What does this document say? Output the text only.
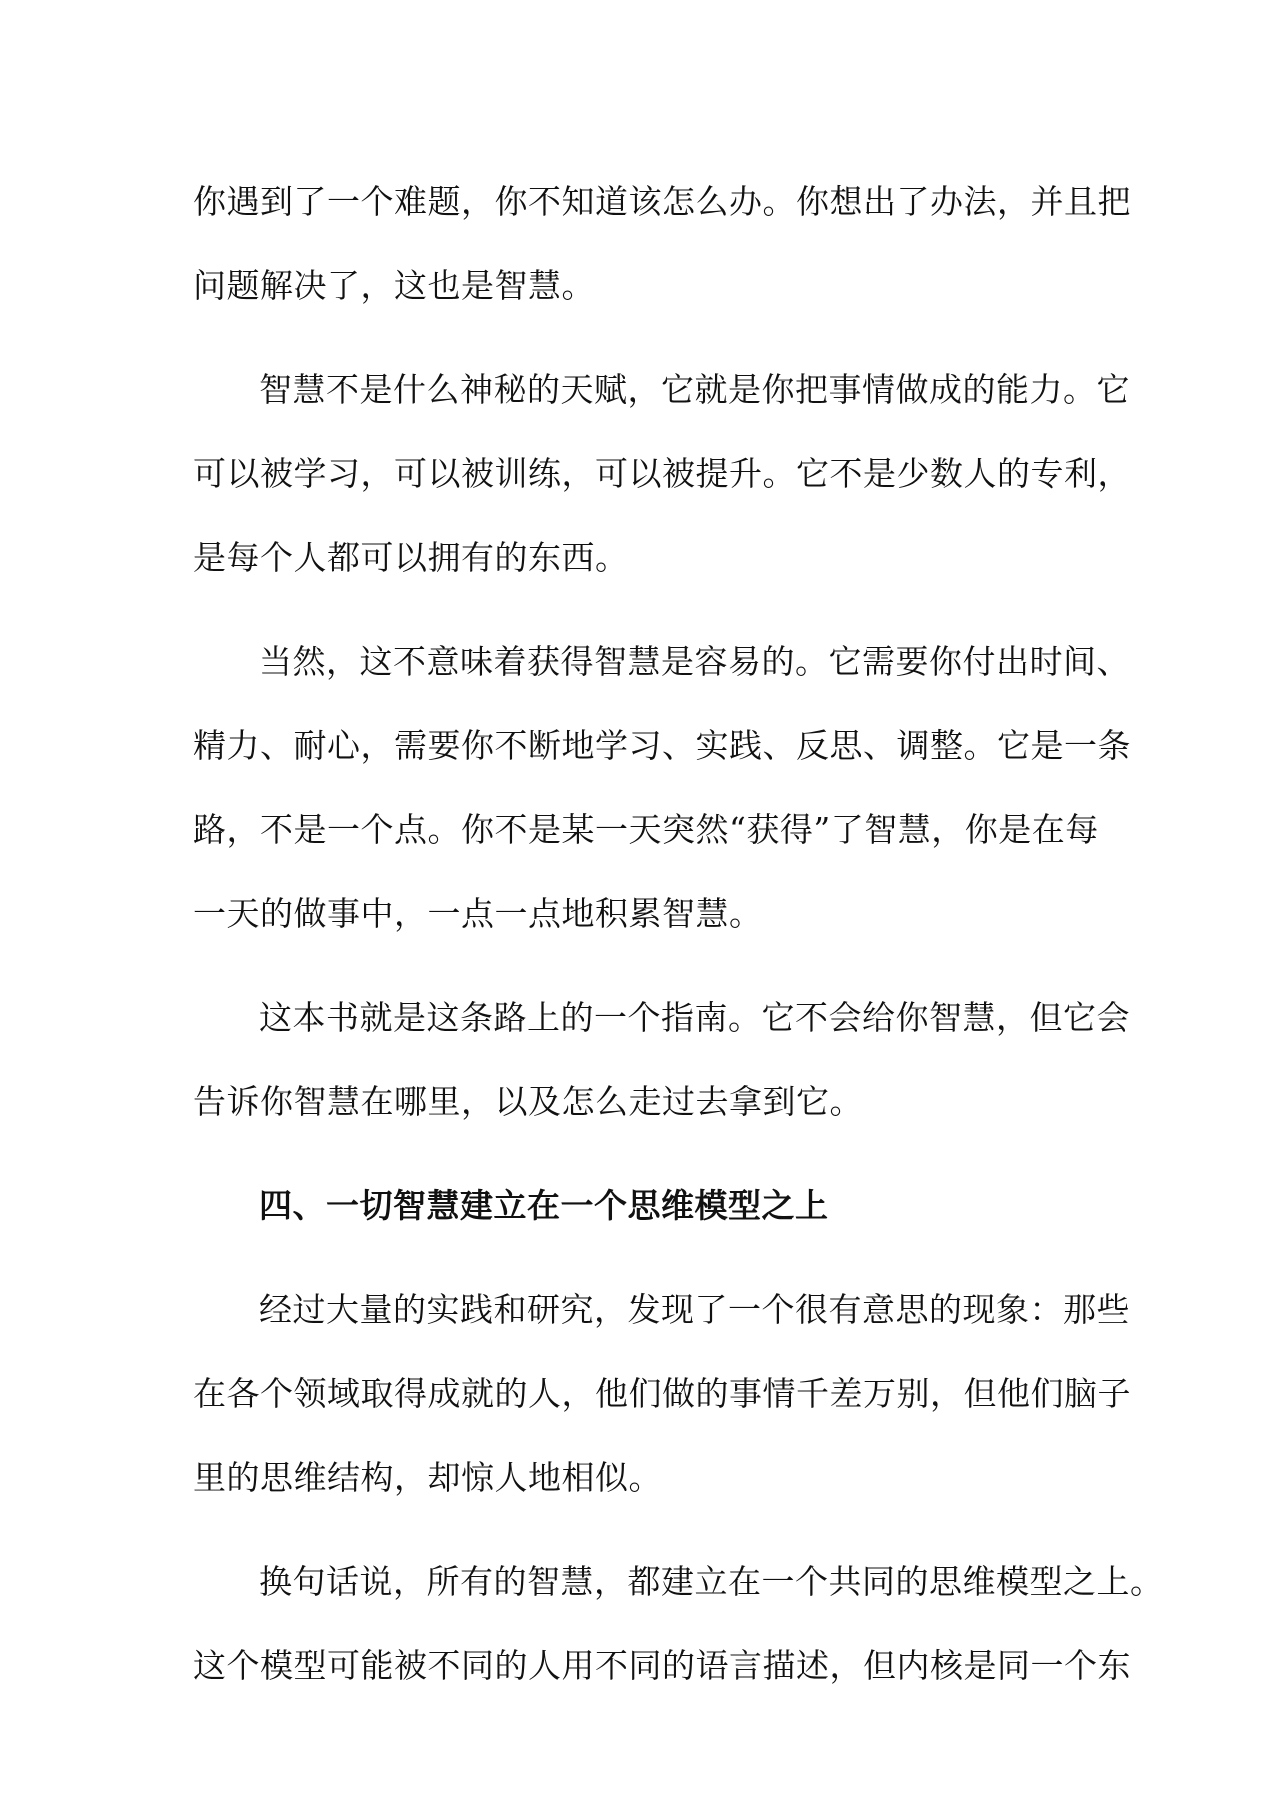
你遇到了一个难题，你不知道该怎么办。你想出了办法，并且把
问题解决了，这也是智慧。

智慧不是什么神秘的天赋，它就是你把事情做成的能力。它
可以被学习，可以被训练，可以被提升。它不是少数人的专利，
是每个人都可以拥有的东西。

当然，这不意味着获得智慧是容易的。它需要你付出时间、
精力、耐心，需要你不断地学习、实践、反思、调整。它是一条
路，不是一个点。你不是某一天突然“获得”了智慧，你是在每
一天的做事中，一点一点地积累智慧。

这本书就是这条路上的一个指南。它不会给你智慧，但它会
告诉你智慧在哪里，以及怎么走过去拿到它。

四、一切智慧建立在一个思维模型之上

经过大量的实践和研究，发现了一个很有意思的现象：那些
在各个领域取得成就的人，他们做的事情千差万别，但他们脑子
里的思维结构，却惊人地相似。

换句话说，所有的智慧，都建立在一个共同的思维模型之上。
这个模型可能被不同的人用不同的语言描述，但内核是同一个东
